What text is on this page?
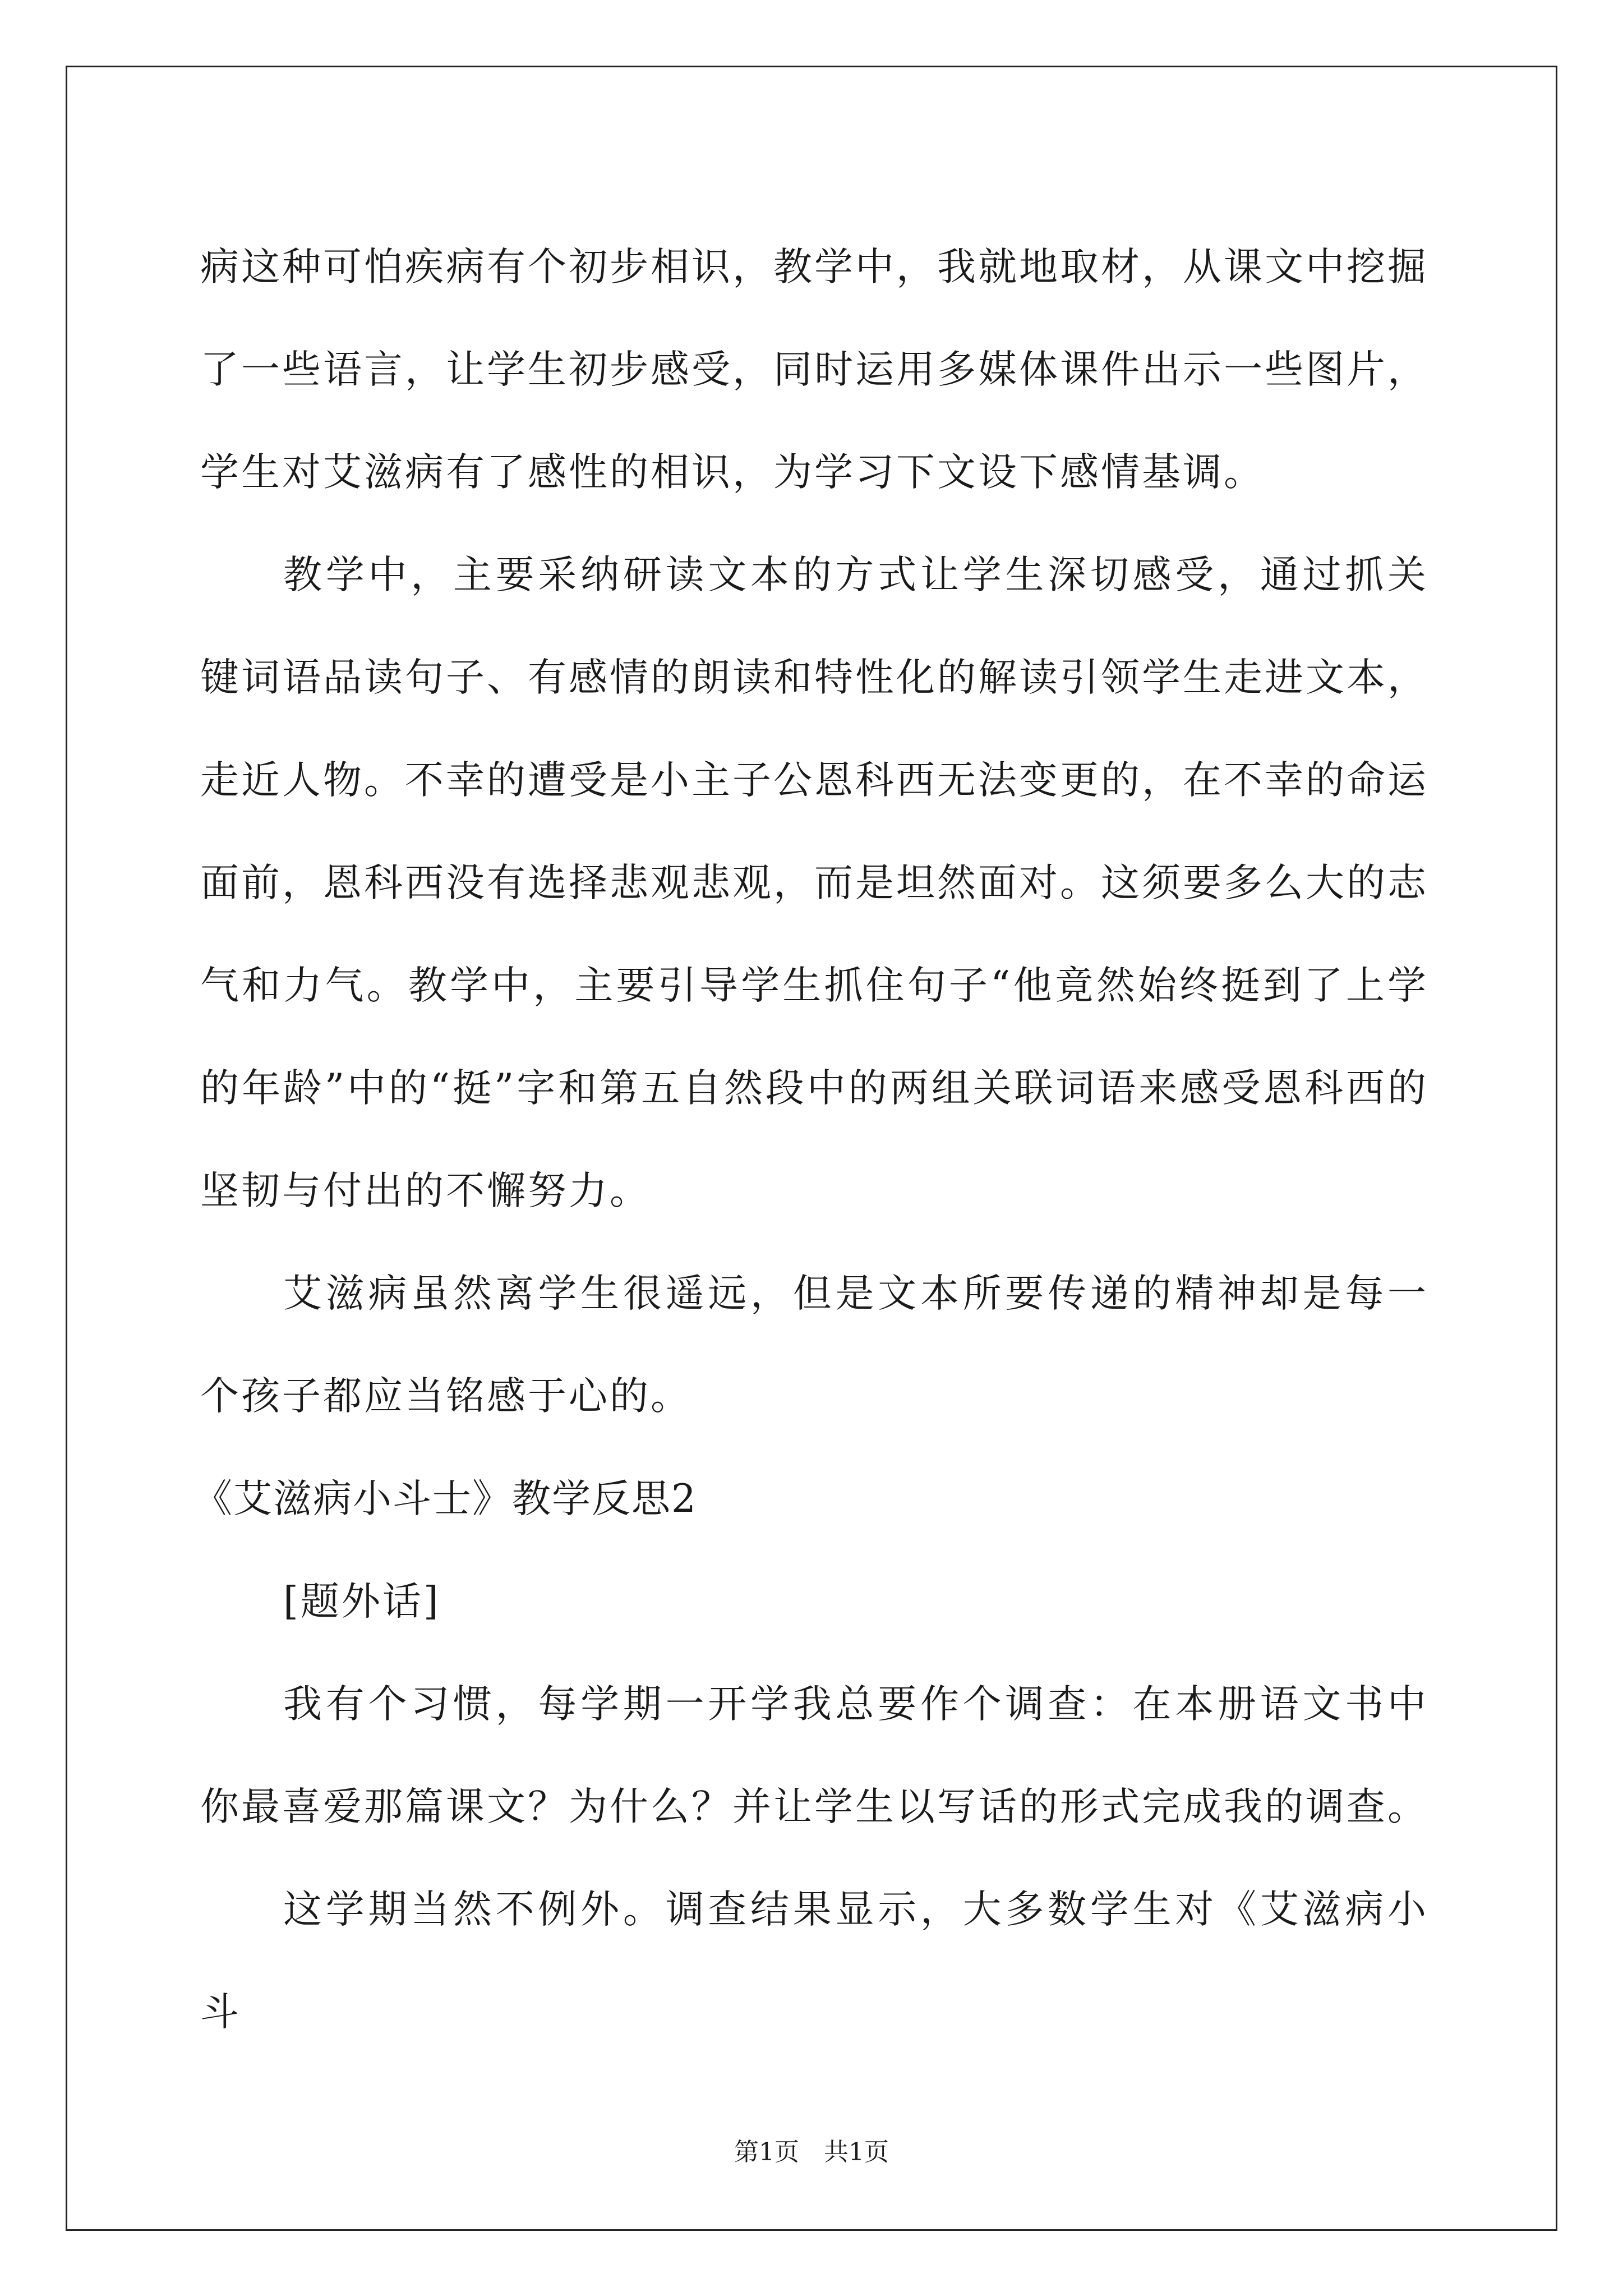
病这种可怕疾病有个初步相识，教学中，我就地取材，从课文中挖掘了一些语言，让学生初步感受，同时运用多媒体课件出示一些图片，学生对艾滋病有了感性的相识，为学习下文设下感情基调。

教学中，主要采纳研读文本的方式让学生深切感受，通过抓关键词语品读句子、有感情的朗读和特性化的解读引领学生走进文本，走近人物。不幸的遭受是小主子公恩科西无法变更的，在不幸的命运面前，恩科西没有选择悲观悲观，而是坦然面对。这须要多么大的志气和力气。教学中，主要引导学生抓住句子“他竟然始终挺到了上学的年龄”中的“挺”字和第五自然段中的两组关联词语来感受恩科西的坚韧与付出的不懈努力。

艾滋病虽然离学生很遥远，但是文本所要传递的精神却是每一个孩子都应当铭感于心的。

《艾滋病小斗士》教学反思2

[题外话]

我有个习惯，每学期一开学我总要作个调查：在本册语文书中你最喜爱那篇课文？为什么？并让学生以写话的形式完成我的调查。

这学期当然不例外。调查结果显示，大多数学生对《艾滋病小斗

第1页　共1页
